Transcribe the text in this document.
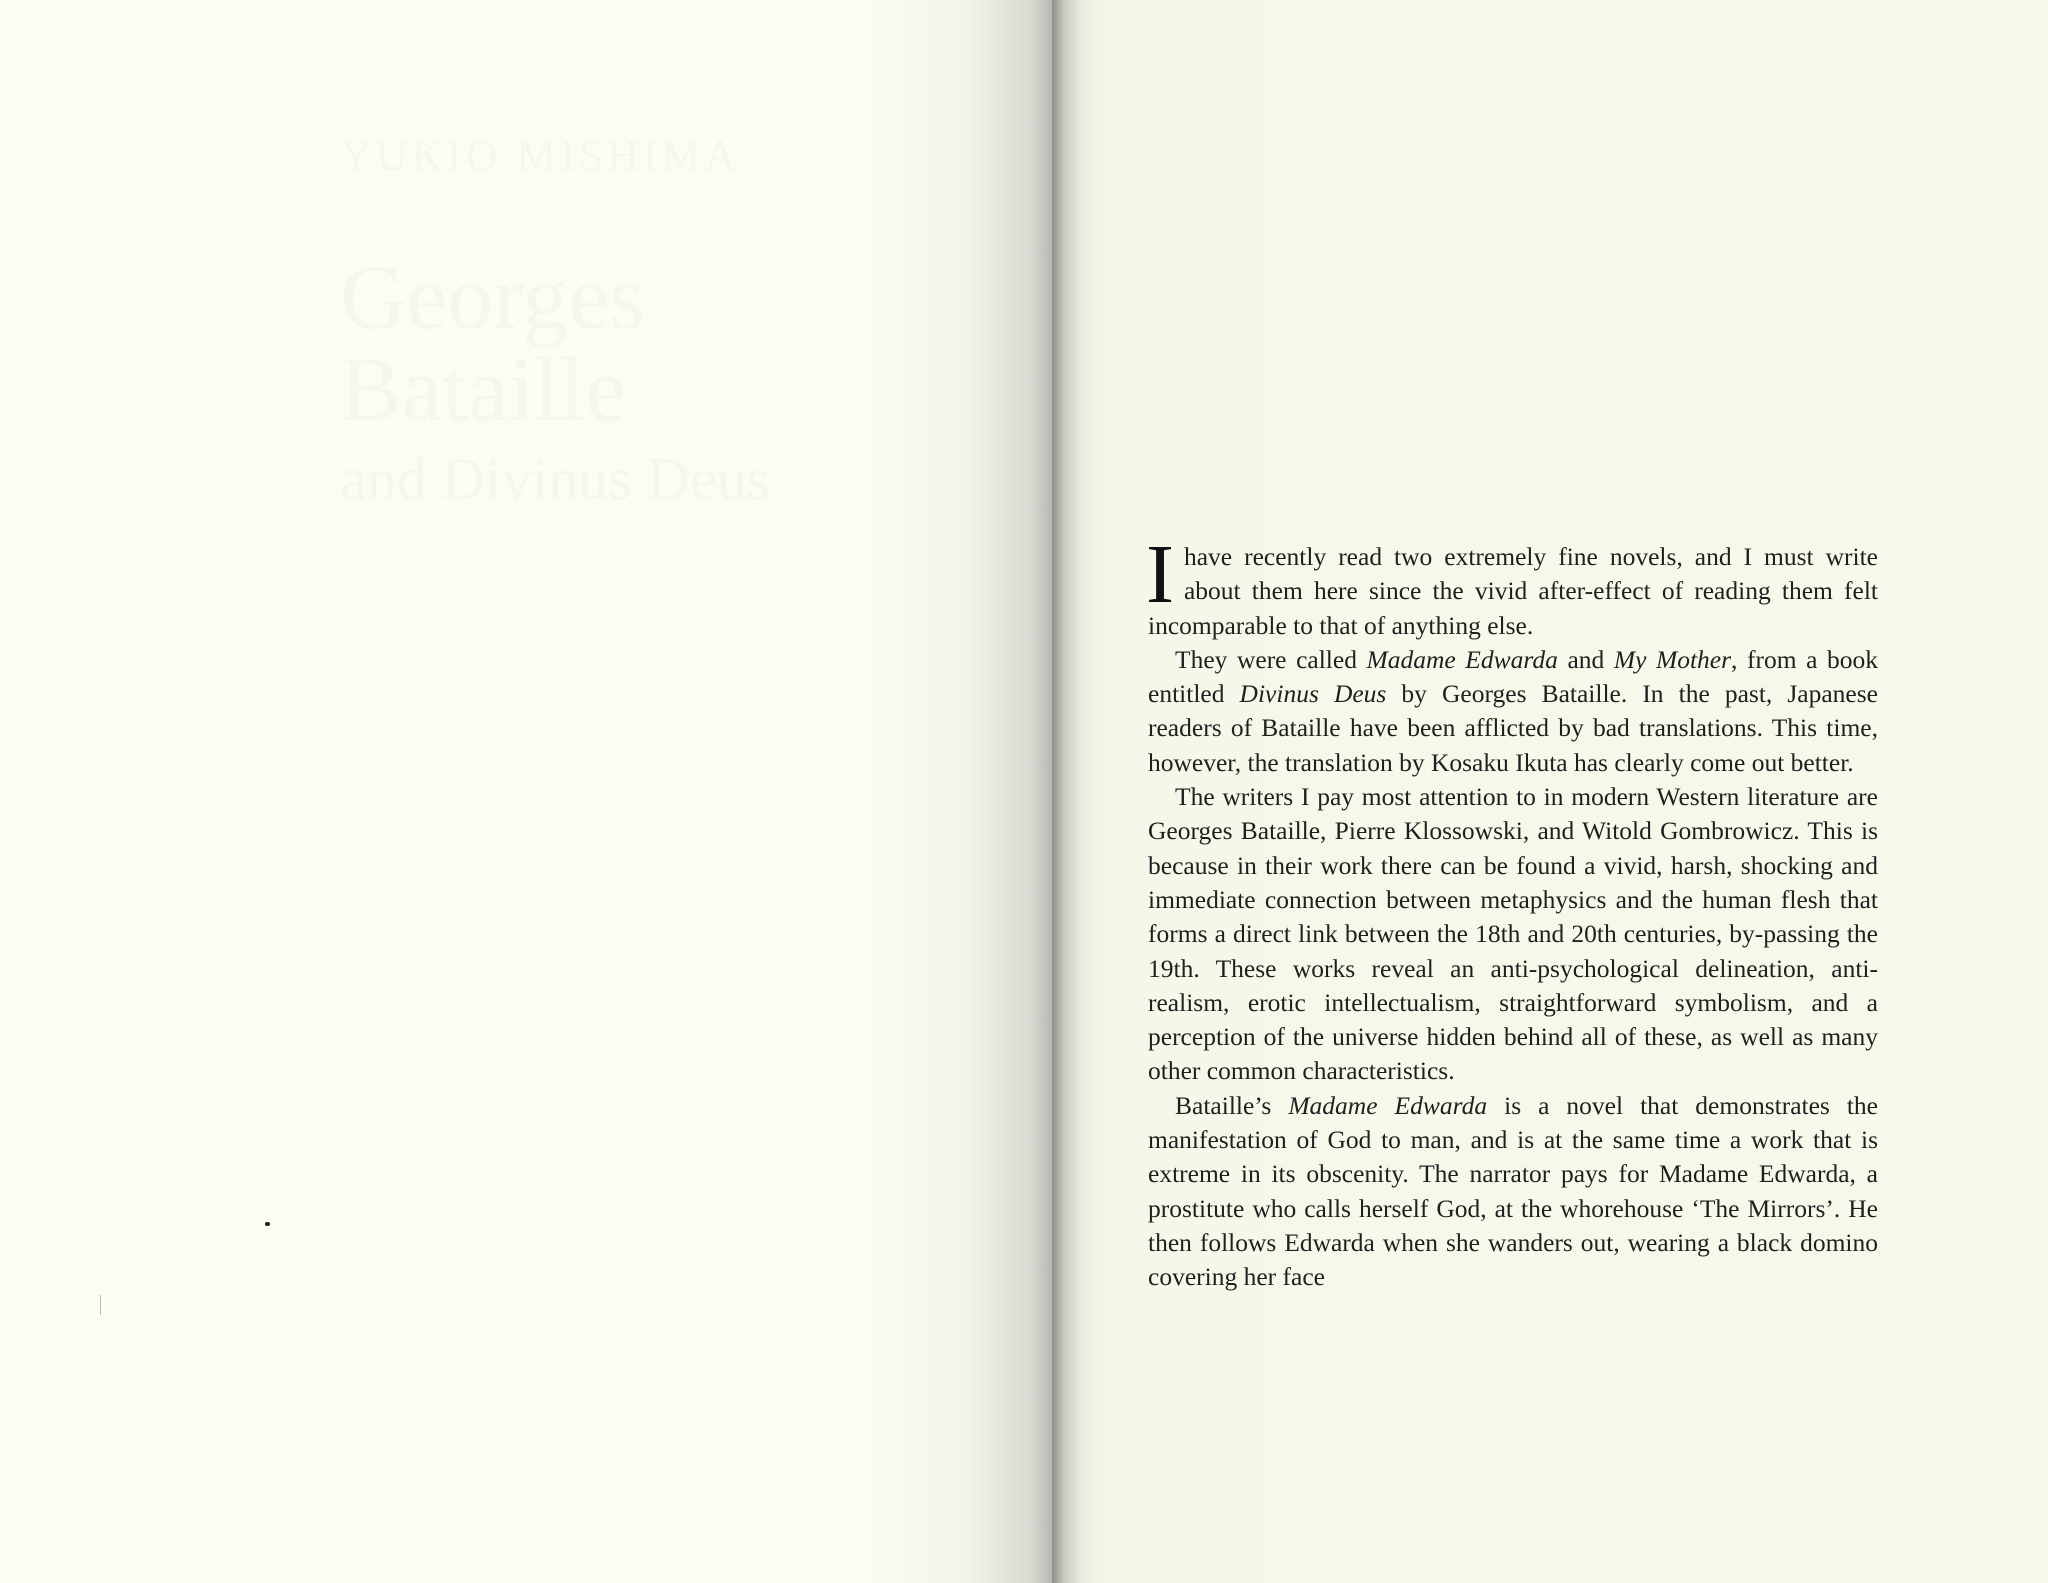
YUKIO MISHIMA
Georges Bataille
and Divinus Deus

Ihave recently read two extremely fine novels, and I must write about them here since the vivid after-effect of reading them felt incomparable to that of anything else.

They were called Madame Edwarda and My Mother, from a book entitled Divinus Deus by Georges Bataille. In the past, Japanese readers of Bataille have been afflicted by bad translations. This time, however, the translation by Kosaku Ikuta has clearly come out better.

The writers I pay most attention to in modern Western literature are Georges Bataille, Pierre Klossowski, and Witold Gombrowicz. This is because in their work there can be found a vivid, harsh, shocking and immediate connection between metaphysics and the human flesh that forms a direct link between the 18th and 20th centuries, by-passing the 19th. These works reveal an anti-psychological delineation, anti-realism, erotic intellectualism, straightforward symbolism, and a perception of the universe hidden behind all of these, as well as many other common characteristics.

Bataille’s Madame Edwarda is a novel that demonstrates the manifestation of God to man, and is at the same time a work that is extreme in its obscenity. The narrator pays for Madame Edwarda, a prostitute who calls herself God, at the whorehouse ‘The Mirrors’. He then follows Edwarda when she wanders out, wearing a black domino covering her face
